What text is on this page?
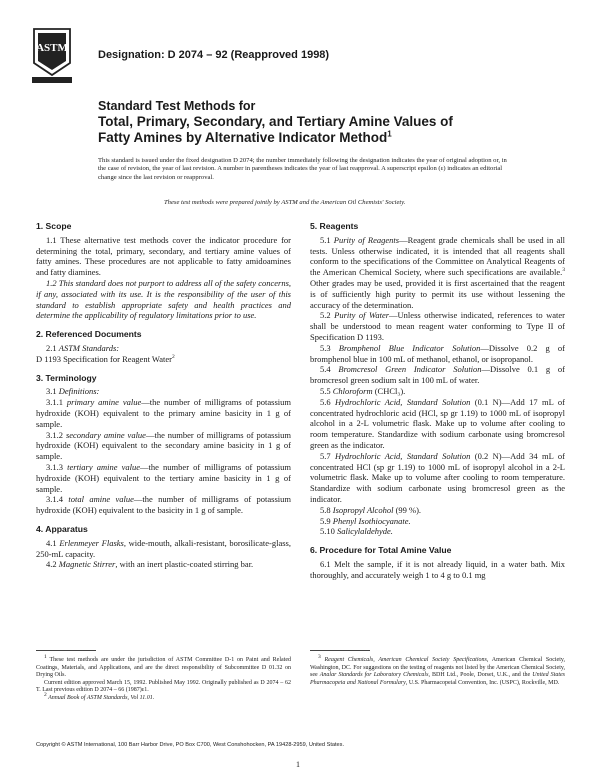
ASTM
Designation: D 2074 – 92 (Reapproved 1998)
Standard Test Methods for
Total, Primary, Secondary, and Tertiary Amine Values of
Fatty Amines by Alternative Indicator Method$^1$
This standard is issued under the fixed designation D 2074; the number immediately following the designation indicates the year of original adoption or, in the case of revision, the year of last revision. A number in parentheses indicates the year of last reapproval. A superscript epsilon (ε) indicates an editorial change since the last revision or reapproval.
These test methods were prepared jointly by ASTM and the American Oil Chemists' Society.
1. Scope

1.1 These alternative test methods cover the indicator procedure for determining the total, primary, secondary, and tertiary amine values of fatty amines. These procedures are not applicable to fatty amidoamines and fatty diamines.

1.2 This standard does not purport to address all of the safety concerns, if any, associated with its use. It is the responsibility of the user of this standard to establish appropriate safety and health practices and determine the applicability of regulatory limitations prior to use.

2. Referenced Documents

2.1 ASTM Standards:

D 1193 Specification for Reagent Water$^2$

3. Terminology

3.1 Definitions:

3.1.1 primary amine value—the number of milligrams of potassium hydroxide (KOH) equivalent to the primary amine basicity in 1 g of sample.

3.1.2 secondary amine value—the number of milligrams of potassium hydroxide (KOH) equivalent to the secondary amine basicity in 1 g of sample.

3.1.3 tertiary amine value—the number of milligrams of potassium hydroxide (KOH) equivalent to the tertiary amine basicity in 1 g of sample.

3.1.4 total amine value—the number of milligrams of potassium hydroxide (KOH) equivalent to the basicity in 1 g of sample.

4. Apparatus

4.1 Erlenmeyer Flasks, wide-mouth, alkali-resistant, borosilicate-glass, 250-mL capacity.

4.2 Magnetic Stirrer, with an inert plastic-coated stirring bar.

5. Reagents

5.1 Purity of Reagents—Reagent grade chemicals shall be used in all tests. Unless otherwise indicated, it is intended that all reagents shall conform to the specifications of the Committee on Analytical Reagents of the American Chemical Society, where such specifications are available.$^3$ Other grades may be used, provided it is first ascertained that the reagent is of sufficiently high purity to permit its use without lessening the accuracy of the determination.

5.2 Purity of Water—Unless otherwise indicated, references to water shall be understood to mean reagent water conforming to Type II of Specification D 1193.

5.3 Bromphenol Blue Indicator Solution—Dissolve 0.2 g of bromphenol blue in 100 mL of methanol, ethanol, or isopropanol.

5.4 Bromcresol Green Indicator Solution—Dissolve 0.1 g of bromcresol green sodium salt in 100 mL of water.

5.5 Chloroform (CHCl₃).

5.6 Hydrochloric Acid, Standard Solution (0.1 N)—Add 17 mL of concentrated hydrochloric acid (HCl, sp gr 1.19) to 1000 mL of isopropyl alcohol in a 2-L volumetric flask. Make up to volume after cooling to room temperature. Standardize with sodium carbonate using bromcresol green as the indicator.

5.7 Hydrochloric Acid, Standard Solution (0.2 N)—Add 34 mL of concentrated HCl (sp gr 1.19) to 1000 mL of isopropyl alcohol in a 2-L volumetric flask. Make up to volume after cooling to room temperature. Standardize with sodium carbonate using bromcresol green as the indicator.

5.8 Isopropyl Alcohol (99 %).

5.9 Phenyl Isothiocyanate.

5.10 Salicylaldehyde.

6. Procedure for Total Amine Value

6.1 Melt the sample, if it is not already liquid, in a water bath. Mix thoroughly, and accurately weigh 1 to 4 g to 0.1 mg

$^1$ These test methods are under the jurisdiction of ASTM Committee D-1 on Paint and Related Coatings, Materials, and Applications, and are the direct responsibility of Subcommittee D 01.32 on Drying Oils.

Current edition approved March 15, 1992. Published May 1992. Originally published as D 2074 – 62 T. Last previous edition D 2074 – 66 (1987)ε1.

$^2$ Annual Book of ASTM Standards, Vol 11.01.

$^3$ Reagent Chemicals, American Chemical Society Specifications, American Chemical Society, Washington, DC. For suggestions on the testing of reagents not listed by the American Chemical Society, see Analar Standards for Laboratory Chemicals, BDH Ltd., Poole, Dorset, U.K., and the United States Pharmacopeia and National Formulary, U.S. Pharmacopeial Convention, Inc. (USPC), Rockville, MD.

Copyright © ASTM International, 100 Barr Harbor Drive, PO Box C700, West Conshohocken, PA 19428-2959, United States.
1
